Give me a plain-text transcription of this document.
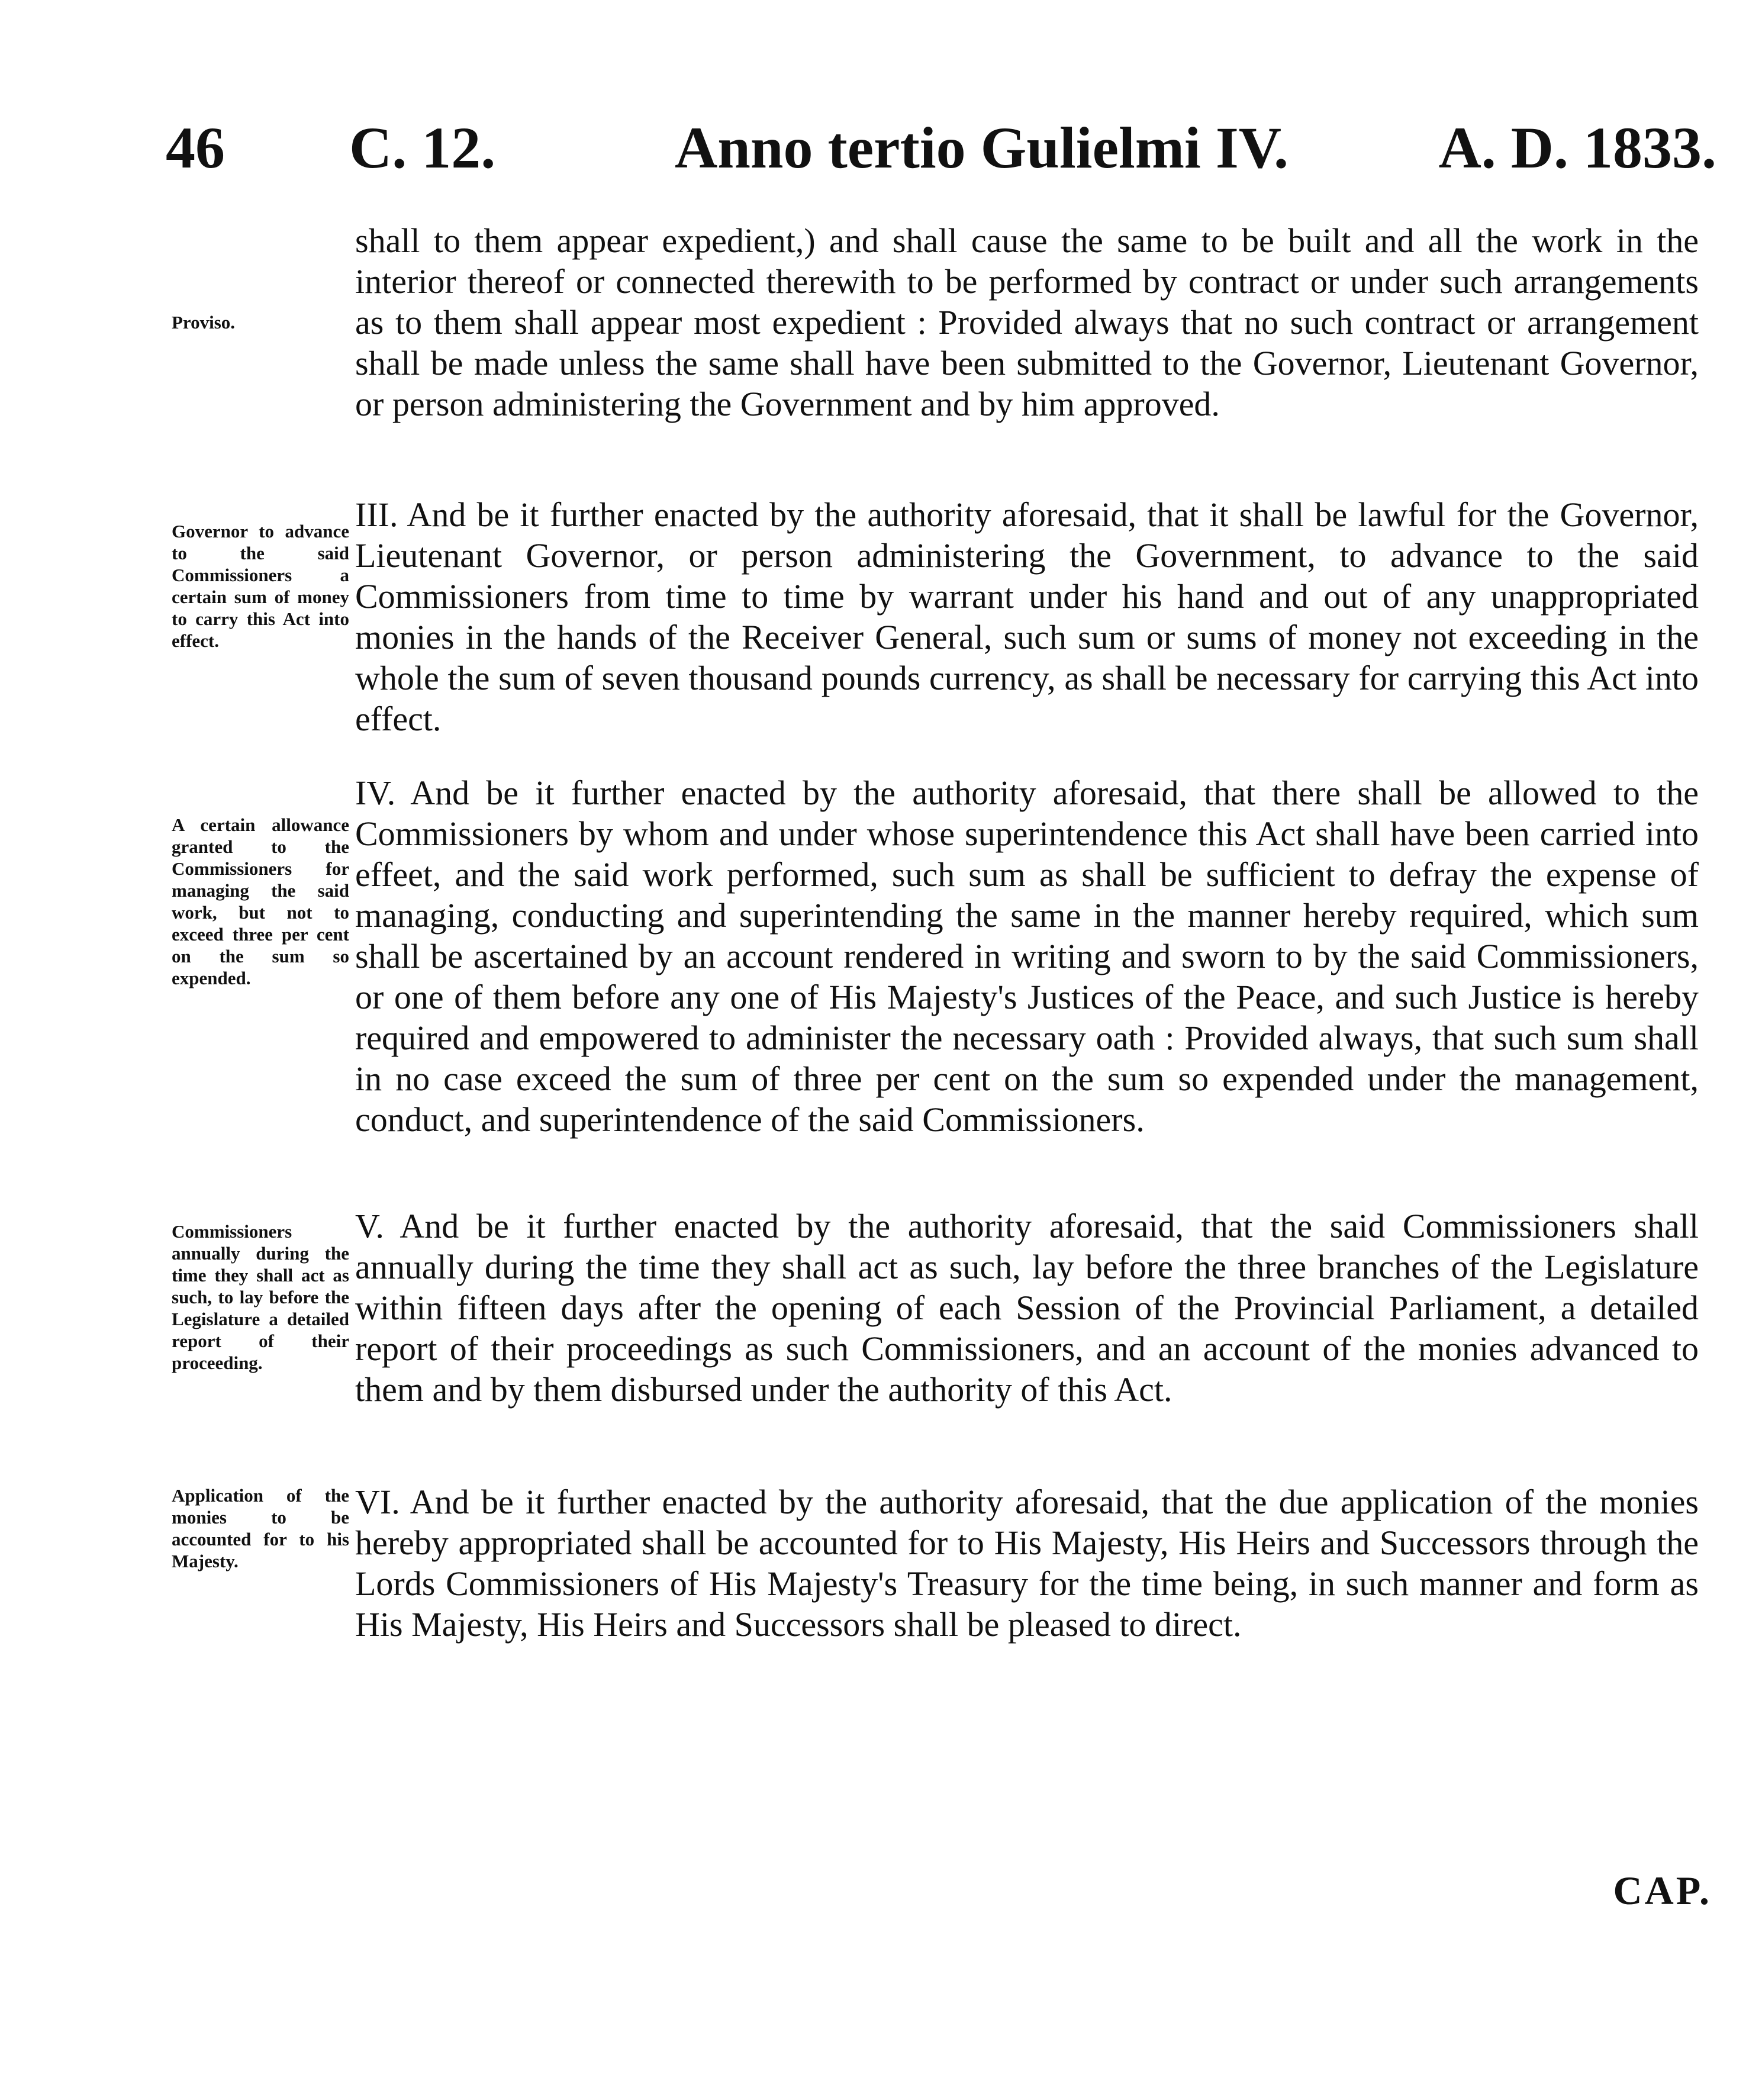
46 C. 12.	Anno tertio Gulielmi IV.	A. D. 1833.
Proviso.
shall to them appear expedient,) and shall cause the same to be built and all the work in the interior thereof or connected therewith to be performed by contract or under such arrangements as to them shall appear most expedient : Provided always that no such contract or arrangement shall be made unless the same shall have been submitted to the Governor, Lieutenant Governor, or person administering the Government and by him approved.
Governor to advance to the said Commissioners a certain sum of money to carry this Act into effect.
III. And be it further enacted by the authority aforesaid, that it shall be lawful for the Governor, Lieutenant Governor, or person administering the Government, to advance to the said Commissioners from time to time by warrant under his hand and out of any unappropriated monies in the hands of the Receiver General, such sum or sums of money not exceeding in the whole the sum of seven thousand pounds currency, as shall be necessary for carrying this Act into effect.
A certain allowance granted to the Commissioners for managing the said work, but not to exceed three per cent on the sum so expended.
IV. And be it further enacted by the authority aforesaid, that there shall be allowed to the Commissioners by whom and under whose superintendence this Act shall have been carried into effeet, and the said work performed, such sum as shall be sufficient to defray the expense of managing, conducting and superintending the same in the manner hereby required, which sum shall be ascertained by an account rendered in writing and sworn to by the said Commissioners, or one of them before any one of His Majesty's Justices of the Peace, and such Justice is hereby required and empowered to administer the necessary oath : Provided always, that such sum shall in no case exceed the sum of three per cent on the sum so expended under the management, conduct, and superintendence of the said Commissioners.
Commissioners annually during the time they shall act as such, to lay before the Legislature a detailed report of their proceeding.
V. And be it further enacted by the authority aforesaid, that the said Commissioners shall annually during the time they shall act as such, lay before the three branches of the Legislature within fifteen days after the opening of each Session of the Provincial Parliament, a detailed report of their proceedings as such Commissioners, and an account of the monies advanced to them and by them disbursed under the authority of this Act.
Application of the monies to be accounted for to his Majesty.
VI. And be it further enacted by the authority aforesaid, that the due application of the monies hereby appropriated shall be accounted for to His Majesty, His Heirs and Successors through the Lords Commissioners of His Majesty's Treasury for the time being, in such manner and form as His Majesty, His Heirs and Successors shall be pleased to direct.
CAP.
